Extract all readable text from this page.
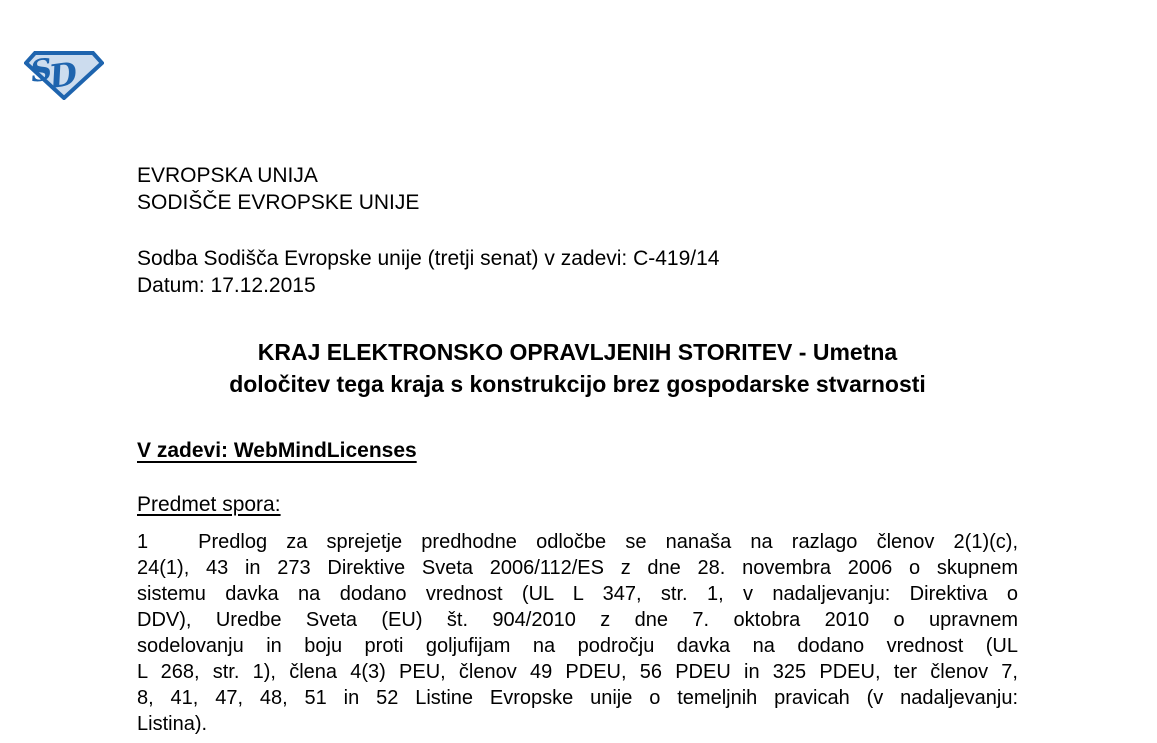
S
D
EVROPSKA UNIJA
SODIŠČE EVROPSKE UNIJE
Sodba Sodišča Evropske unije (tretji senat) v zadevi: C-419/14
Datum: 17.12.2015
KRAJ ELEKTRONSKO OPRAVLJENIH STORITEV - Umetna
določitev tega kraja s konstrukcijo brez gospodarske stvarnosti
V zadevi: WebMindLicenses
Predmet spora:
1	Predlog za sprejetje predhodne odločbe se nanaša na razlago členov 2(1)(c),
24(1), 43 in 273 Direktive Sveta 2006/112/ES z dne 28. novembra 2006 o skupnem
sistemu davka na dodano vrednost (UL L 347, str. 1, v nadaljevanju: Direktiva o
DDV), Uredbe Sveta (EU) št. 904/2010 z dne 7. oktobra 2010 o upravnem
sodelovanju in boju proti goljufijam na področju davka na dodano vrednost (UL
L 268, str. 1), člena 4(3) PEU, členov 49 PDEU, 56 PDEU in 325 PDEU, ter členov 7,
8, 41, 47, 48, 51 in 52 Listine Evropske unije o temeljnih pravicah (v nadaljevanju:
Listina).
